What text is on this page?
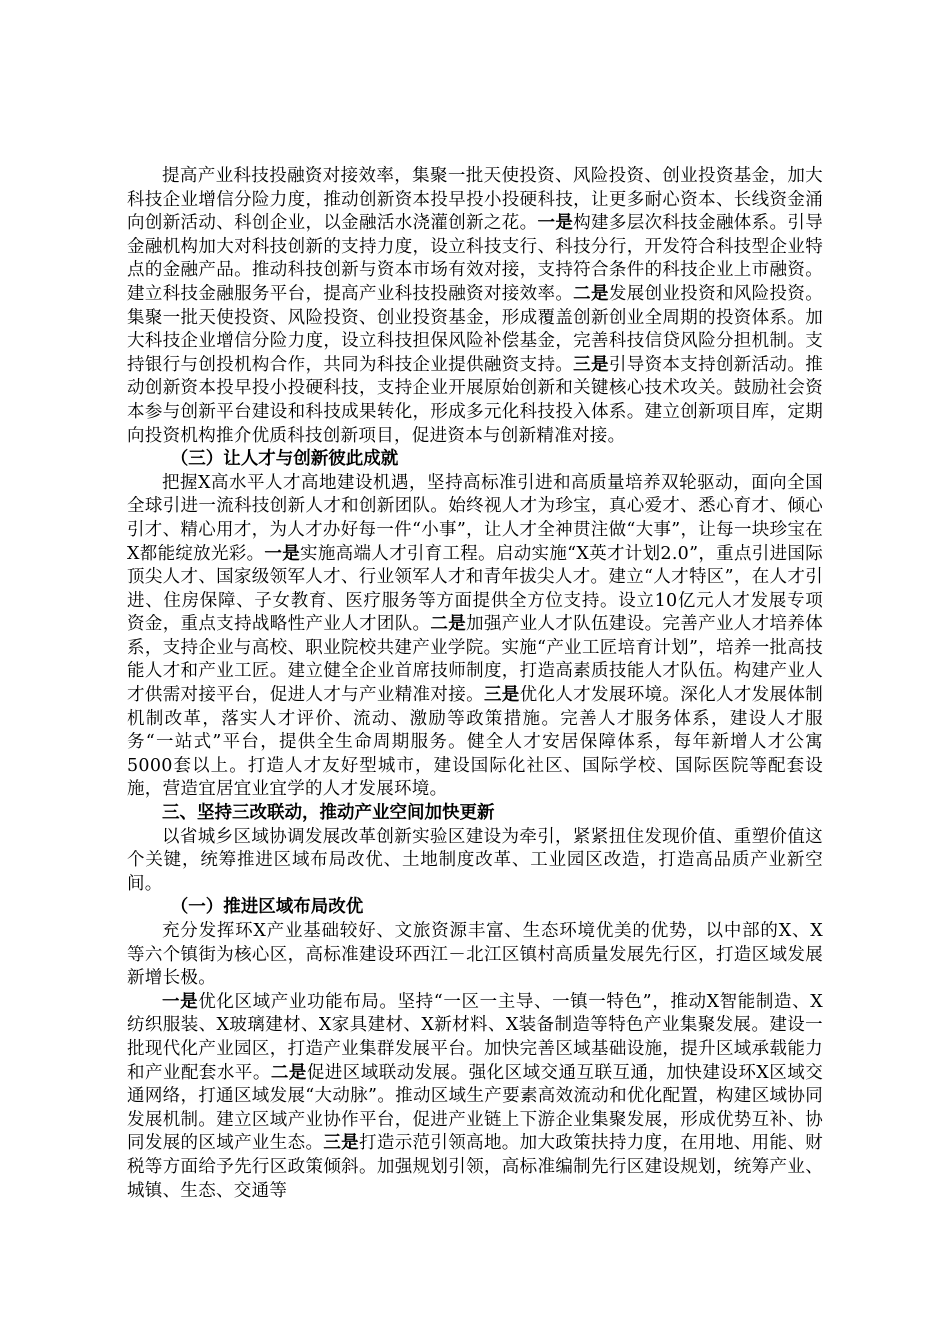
提高产业科技投融资对接效率，集聚一批天使投资、风险投资、创业投资基金，加大科技企业增信分险力度，推动创新资本投早投小投硬科技，让更多耐心资本、长线资金涌向创新活动、科创企业，以金融活水浇灌创新之花。一是构建多层次科技金融体系。引导金融机构加大对科技创新的支持力度，设立科技支行、科技分行，开发符合科技型企业特点的金融产品。推动科技创新与资本市场有效对接，支持符合条件的科技企业上市融资。建立科技金融服务平台，提高产业科技投融资对接效率。二是发展创业投资和风险投资。集聚一批天使投资、风险投资、创业投资基金，形成覆盖创新创业全周期的投资体系。加大科技企业增信分险力度，设立科技担保风险补偿基金，完善科技信贷风险分担机制。支持银行与创投机构合作，共同为科技企业提供融资支持。三是引导资本支持创新活动。推动创新资本投早投小投硬科技，支持企业开展原始创新和关键核心技术攻关。鼓励社会资本参与创新平台建设和科技成果转化，形成多元化科技投入体系。建立创新项目库，定期向投资机构推介优质科技创新项目，促进资本与创新精准对接。

（三）让人才与创新彼此成就

把握X高水平人才高地建设机遇，坚持高标准引进和高质量培养双轮驱动，面向全国全球引进一流科技创新人才和创新团队。始终视人才为珍宝，真心爱才、悉心育才、倾心引才、精心用才，为人才办好每一件“小事”，让人才全神贯注做“大事”，让每一块珍宝在X都能绽放光彩。一是实施高端人才引育工程。启动实施“X英才计划2.0”，重点引进国际顶尖人才、国家级领军人才、行业领军人才和青年拔尖人才。建立“人才特区”，在人才引进、住房保障、子女教育、医疗服务等方面提供全方位支持。设立10亿元人才发展专项资金，重点支持战略性产业人才团队。二是加强产业人才队伍建设。完善产业人才培养体系，支持企业与高校、职业院校共建产业学院。实施“产业工匠培育计划”，培养一批高技能人才和产业工匠。建立健全企业首席技师制度，打造高素质技能人才队伍。构建产业人才供需对接平台，促进人才与产业精准对接。三是优化人才发展环境。深化人才发展体制机制改革，落实人才评价、流动、激励等政策措施。完善人才服务体系，建设人才服务“一站式”平台，提供全生命周期服务。健全人才安居保障体系，每年新增人才公寓5000套以上。打造人才友好型城市，建设国际化社区、国际学校、国际医院等配套设施，营造宜居宜业宜学的人才发展环境。

三、坚持三改联动，推动产业空间加快更新

以省城乡区域协调发展改革创新实验区建设为牵引，紧紧扭住发现价值、重塑价值这个关键，统筹推进区域布局改优、土地制度改革、工业园区改造，打造高品质产业新空间。

（一）推进区域布局改优

充分发挥环X产业基础较好、文旅资源丰富、生态环境优美的优势，以中部的X、X等六个镇街为核心区，高标准建设环西江－北江区镇村高质量发展先行区，打造区域发展新增长极。

一是优化区域产业功能布局。坚持“一区一主导、一镇一特色”，推动X智能制造、X纺织服装、X玻璃建材、X家具建材、X新材料、X装备制造等特色产业集聚发展。建设一批现代化产业园区，打造产业集群发展平台。加快完善区域基础设施，提升区域承载能力和产业配套水平。二是促进区域联动发展。强化区域交通互联互通，加快建设环X区域交通网络，打通区域发展“大动脉”。推动区域生产要素高效流动和优化配置，构建区域协同发展机制。建立区域产业协作平台，促进产业链上下游企业集聚发展，形成优势互补、协同发展的区域产业生态。三是打造示范引领高地。加大政策扶持力度，在用地、用能、财税等方面给予先行区政策倾斜。加强规划引领，高标准编制先行区建设规划，统筹产业、城镇、生态、交通等
